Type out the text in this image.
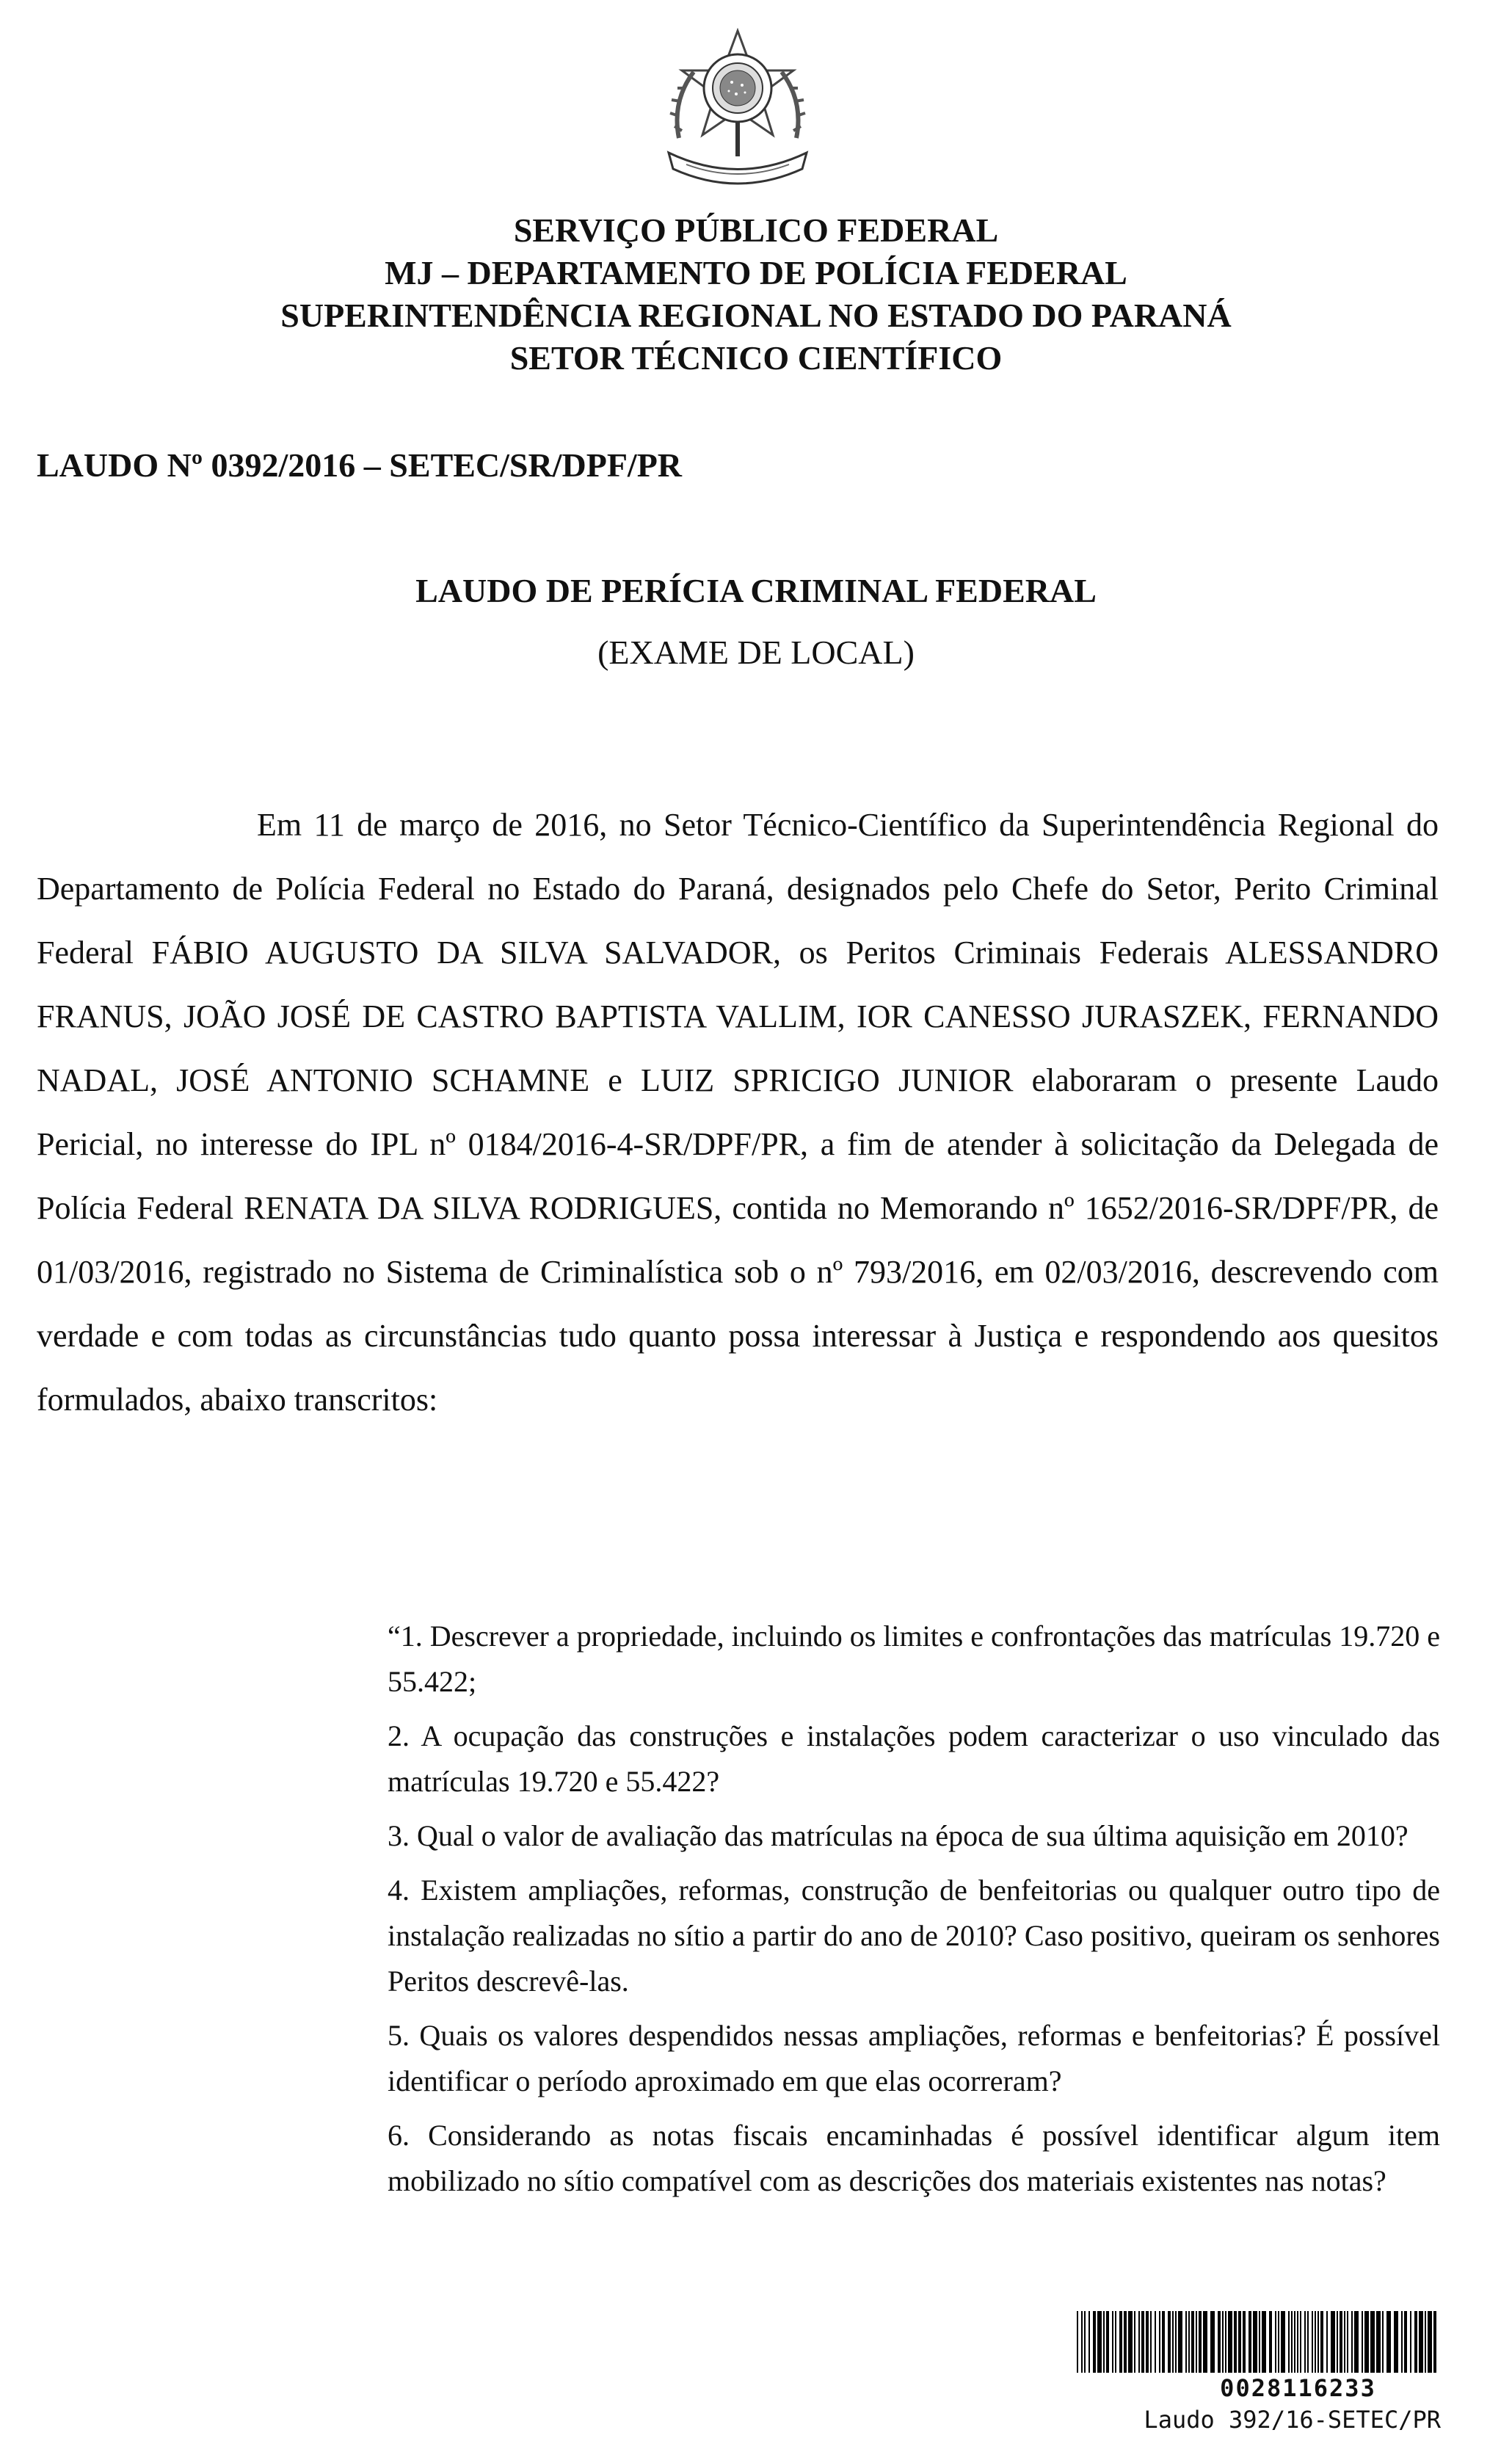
SERVIÇO PÚBLICO FEDERAL

MJ – DEPARTAMENTO DE POLÍCIA FEDERAL

SUPERINTENDÊNCIA REGIONAL NO ESTADO DO PARANÁ

SETOR TÉCNICO CIENTÍFICO

LAUDO Nº 0392/2016 – SETEC/SR/DPF/PR

LAUDO DE PERÍCIA CRIMINAL FEDERAL

(EXAME DE LOCAL)

Em 11 de março de 2016, no Setor Técnico-Científico da Superintendência Regional do Departamento de Polícia Federal no Estado do Paraná, designados pelo Chefe do Setor, Perito Criminal Federal FÁBIO AUGUSTO DA SILVA SALVADOR, os Peritos Criminais Federais ALESSANDRO FRANUS, JOÃO JOSÉ DE CASTRO BAPTISTA VALLIM, IOR CANESSO JURASZEK, FERNANDO NADAL, JOSÉ ANTONIO SCHAMNE e LUIZ SPRICIGO JUNIOR elaboraram o presente Laudo Pericial, no interesse do IPL nº 0184/2016-4-SR/DPF/PR, a fim de atender à solicitação da Delegada de Polícia Federal RENATA DA SILVA RODRIGUES, contida no Memorando nº 1652/2016-SR/DPF/PR, de 01/03/2016, registrado no Sistema de Criminalística sob o nº 793/2016, em 02/03/2016, descrevendo com verdade e com todas as circunstâncias tudo quanto possa interessar à Justiça e respondendo aos quesitos formulados, abaixo transcritos:

“1. Descrever a propriedade, incluindo os limites e confrontações das matrículas 19.720 e 55.422;
2. A ocupação das construções e instalações podem caracterizar o uso vinculado das matrículas 19.720 e 55.422?
3. Qual o valor de avaliação das matrículas na época de sua última aquisição em 2010?
4. Existem ampliações, reformas, construção de benfeitorias ou qualquer outro tipo de instalação realizadas no sítio a partir do ano de 2010? Caso positivo, queiram os senhores Peritos descrevê-las.
5. Quais os valores despendidos nessas ampliações, reformas e benfeitorias? É possível identificar o período aproximado em que elas ocorreram?
6. Considerando as notas fiscais encaminhadas é possível identificar algum item mobilizado no sítio compatível com as descrições dos materiais existentes nas notas?
0028116233
Laudo 392/16-SETEC/PR
